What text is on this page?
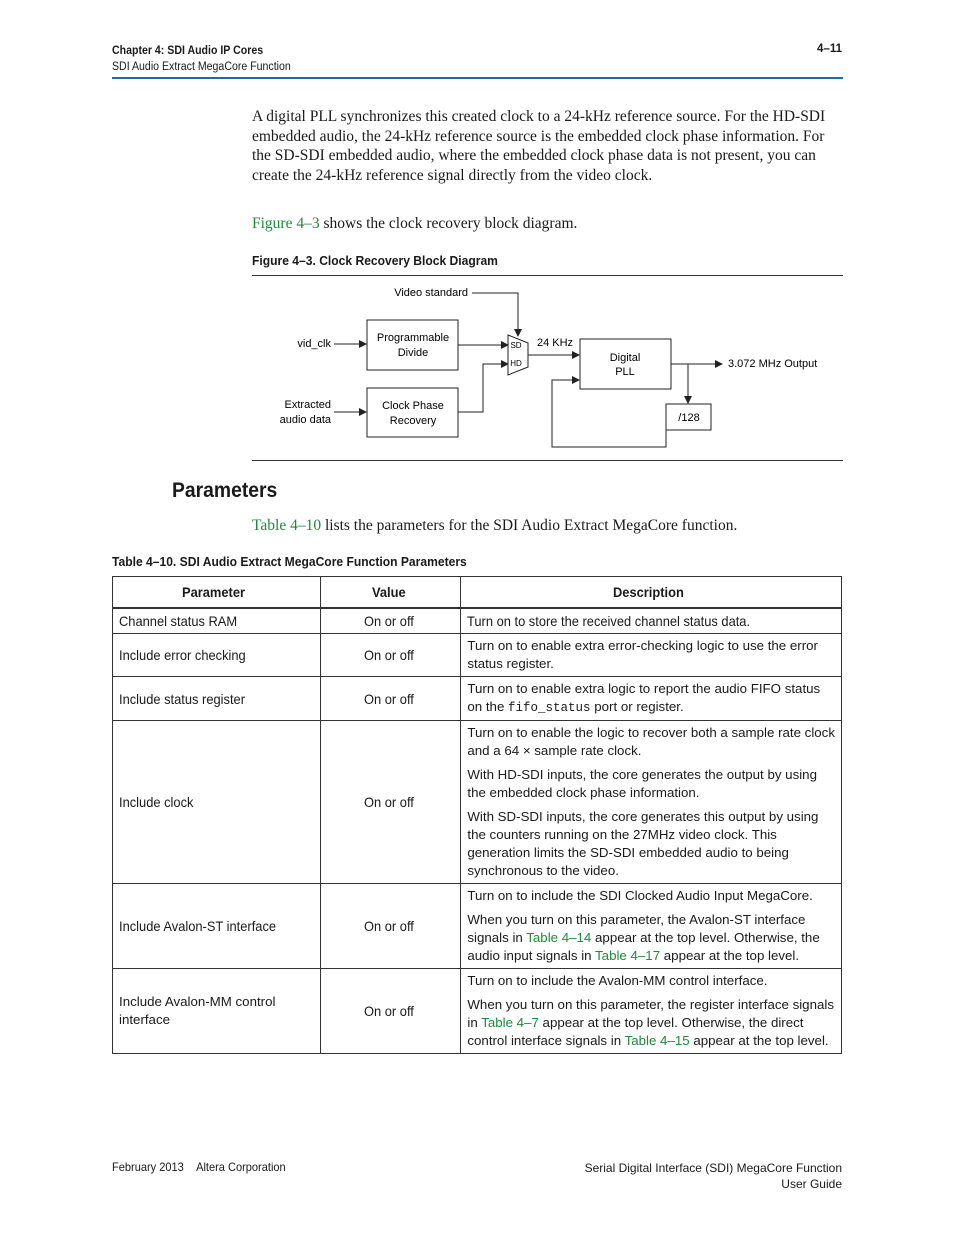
Chapter 4: SDI Audio IP Cores
SDI Audio Extract MegaCore Function
4–11
A digital PLL synchronizes this created clock to a 24-kHz reference source. For the HD-SDI embedded audio, the 24-kHz reference source is the embedded clock phase information. For the SD-SDI embedded audio, where the embedded clock phase data is not present, you can create the 24-kHz reference signal directly from the video clock.
Figure 4–3 shows the clock recovery block diagram.
Figure 4–3. Clock Recovery Block Diagram
Video standard
vid_clk
Extracted
audio data
Programmable
Divide
Clock Phase
Recovery
SD
HD
24 KHz
Digital
PLL
3.072 MHz Output
/128
Parameters
Table 4–10 lists the parameters for the SDI Audio Extract MegaCore function.
Table 4–10. SDI Audio Extract MegaCore Function Parameters
Parameter	Value	Description
Channel status RAM	On or off	Turn on to store the received channel status data.
Include error checking	On or off	Turn on to enable extra error-checking logic to use the error status register.
Include status register	On or off	Turn on to enable extra logic to report the audio FIFO status on the fifo_status port or register.
Include clock	On or off	Turn on to enable the logic to recover both a sample rate clock and a 64 × sample rate clock.

With HD-SDI inputs, the core generates the output by using the embedded clock phase information.

With SD-SDI inputs, the core generates this output by using the counters running on the 27MHz video clock. This generation limits the SD-SDI embedded audio to being synchronous to the video.

Include Avalon-ST interface	On or off	Turn on to include the SDI Clocked Audio Input MegaCore.

When you turn on this parameter, the Avalon-ST interface signals in Table 4–14 appear at the top level. Otherwise, the audio input signals in Table 4–17 appear at the top level.

Include Avalon-MM control interface	On or off	Turn on to include the Avalon-MM control interface.

When you turn on this parameter, the register interface signals in Table 4–7 appear at the top level. Otherwise, the direct control interface signals in Table 4–15 appear at the top level.

February 2013 Altera Corporation	Serial Digital Interface (SDI) MegaCore Function
User Guide
